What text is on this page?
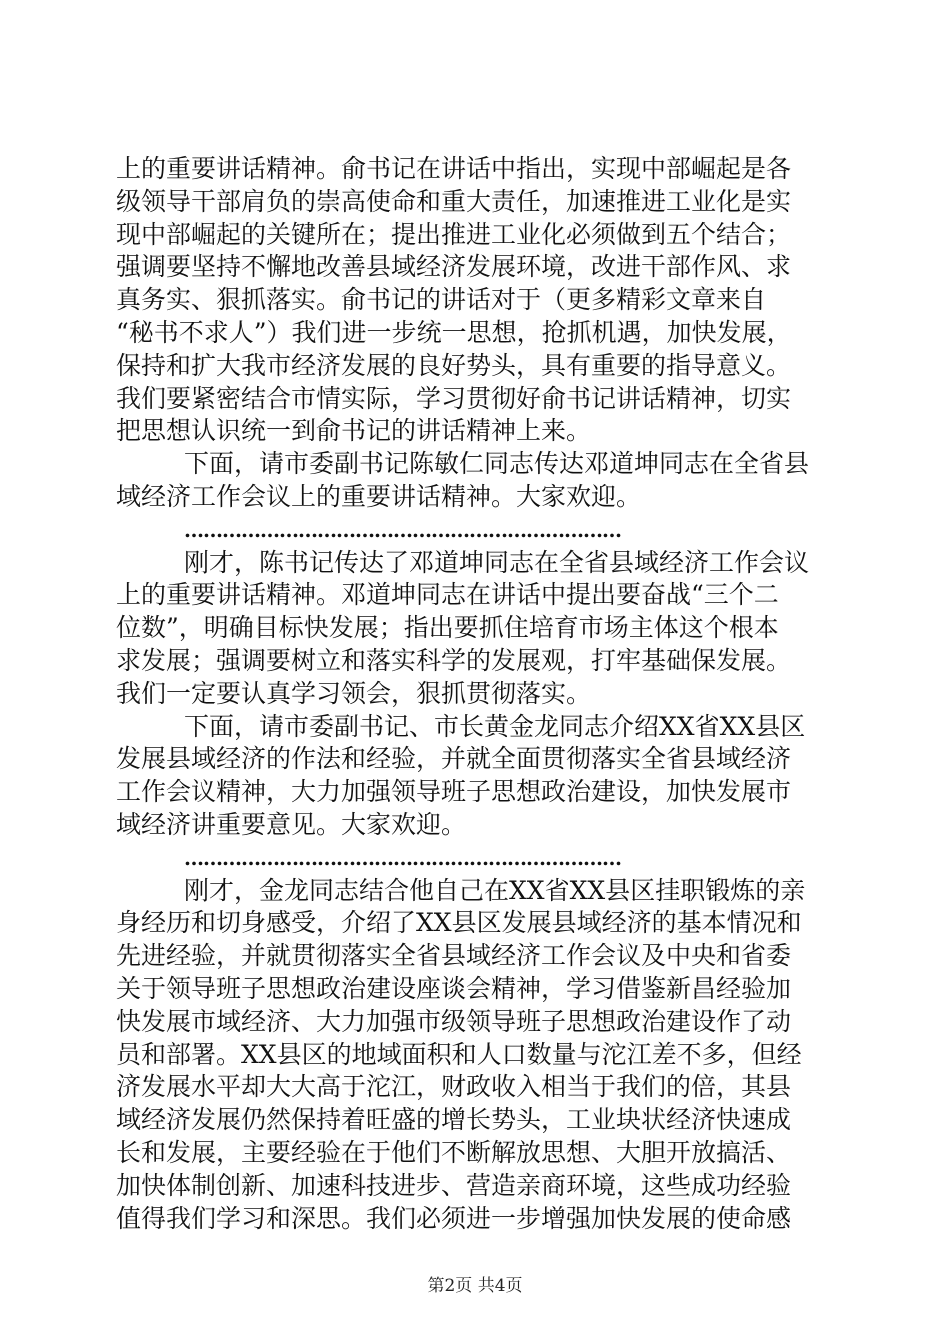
上的重要讲话精神。俞书记在讲话中指出，实现中部崛起是各
级领导干部肩负的崇高使命和重大责任，加速推进工业化是实
现中部崛起的关键所在；提出推进工业化必须做到五个结合；
强调要坚持不懈地改善县域经济发展环境，改进干部作风、求
真务实、狠抓落实。俞书记的讲话对于（更多精彩文章来自
“秘书不求人”）我们进一步统一思想，抢抓机遇，加快发展，
保持和扩大我市经济发展的良好势头，具有重要的指导意义。
我们要紧密结合市情实际，学习贯彻好俞书记讲话精神，切实
把思想认识统一到俞书记的讲话精神上来。
下面，请市委副书记陈敏仁同志传达邓道坤同志在全省县
域经济工作会议上的重要讲话精神。大家欢迎。
……………………………………………………………
刚才，陈书记传达了邓道坤同志在全省县域经济工作会议
上的重要讲话精神。邓道坤同志在讲话中提出要奋战“三个二
位数”，明确目标快发展；指出要抓住培育市场主体这个根本
求发展；强调要树立和落实科学的发展观，打牢基础保发展。
我们一定要认真学习领会，狠抓贯彻落实。
下面，请市委副书记、市长黄金龙同志介绍XX省XX县区
发展县域经济的作法和经验，并就全面贯彻落实全省县域经济
工作会议精神，大力加强领导班子思想政治建设，加快发展市
域经济讲重要意见。大家欢迎。
……………………………………………………………
刚才，金龙同志结合他自己在XX省XX县区挂职锻炼的亲
身经历和切身感受，介绍了XX县区发展县域经济的基本情况和
先进经验，并就贯彻落实全省县域经济工作会议及中央和省委
关于领导班子思想政治建设座谈会精神，学习借鉴新昌经验加
快发展市域经济、大力加强市级领导班子思想政治建设作了动
员和部署。XX县区的地域面积和人口数量与沱江差不多，但经
济发展水平却大大高于沱江，财政收入相当于我们的倍，其县
域经济发展仍然保持着旺盛的增长势头，工业块状经济快速成
长和发展，主要经验在于他们不断解放思想、大胆开放搞活、
加快体制创新、加速科技进步、营造亲商环境，这些成功经验
值得我们学习和深思。我们必须进一步增强加快发展的使命感
第2页 共4页
